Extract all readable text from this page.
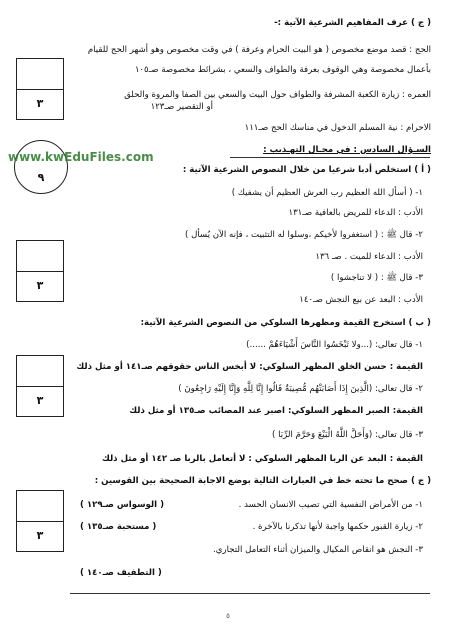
٣
٩
٣
٣
٣
www.kwEduFiles.com
( ج ) عرف المفاهيم الشرعية الآتية :-
الحج : قصد موضع مخصوص ( هو البيت الحرام وعرفة ) في وقت مخصوص وهو أشهر الحج للقيام
بأعمال مخصوصة وهي الوقوف بعرفة والطواف والسعي ، بشرائط مخصوصة صـ١٠٥
العمره : زيارة الكعبة المشرفة والطواف حول البيت والسعي بين الصفا والمروة والحلق
أو التقصير صـ١٢٣
الاحرام : نية المسلم الدخول في مناسك الحج صـ١١١
السـؤال السادس : في مجـال التهـذيب :
( أ ) استخلص أدبا شرعيا من خلال النصوص الشرعية الآتية :
١- ( أسأل الله العظيم رب العرش العظيم أن يشفيك )
الأدب : الدعاء للمريض بالعافية صـ١٣١
٢- قال ﷺ : ( استغفروا لأخيكم ،وسلوا له التثبيت ، فإنه الآن يُسأل )
الأدب : الدعاء للميت . صـ ١٣٦
٣- قال ﷺ : ( لا تناجشوا )
الأدب : البعد عن بيع النجش صـ١٤٠
( ب ) استخرج القيمة ومظهرها السلوكي من النصوص الشرعية الآتية:
١- قال تعالى: (...ولا تَبْخَسُوا النَّاسَ أَشْيَاءَهُمْ ......)
القيمة : حسن الخلق المظهر السلوكي: لا أبخس الناس حقوقهم صـ١٤١ أو مثل ذلك
٢- قال تعالى: (الَّذِينَ إِذَا أَصَابَتْهُم مُّصِيبَةٌ قَالُوا إِنَّا لِلَّهِ وَإِنَّا إِلَيْهِ رَاجِعُونَ )
القيمة: الصبر المظهر السلوكي: اصبر عند المصائب صـ١٣٥ أو مثل ذلك
٣- قال تعالى: (وَأَحَلَّ اللَّهُ الْبَيْعَ وَحَرَّمَ الرِّبَا )
القيمة : البعد عن الربا المظهر السلوكي : لا أتعامل بالربا صـ ١٤٢ أو مثل ذلك
( ج ) صحح ما تحته خط في العبارات التالية بوضع الاجابة الصحيحة بين القوسين :
١- من الأمراض النفسية التي تصيب الانسان الحسد .
( الوسواس صـ١٢٩ )
٢- زيارة القبور حكمها واجبة لأنها تذكرنا بالآخرة .
( مستحبة صـ١٣٥ )
٣- النجش هو انقاص المكيال والميزان أثناء التعامل التجاري.
( التطفيف صـ١٤٠ )
٥
